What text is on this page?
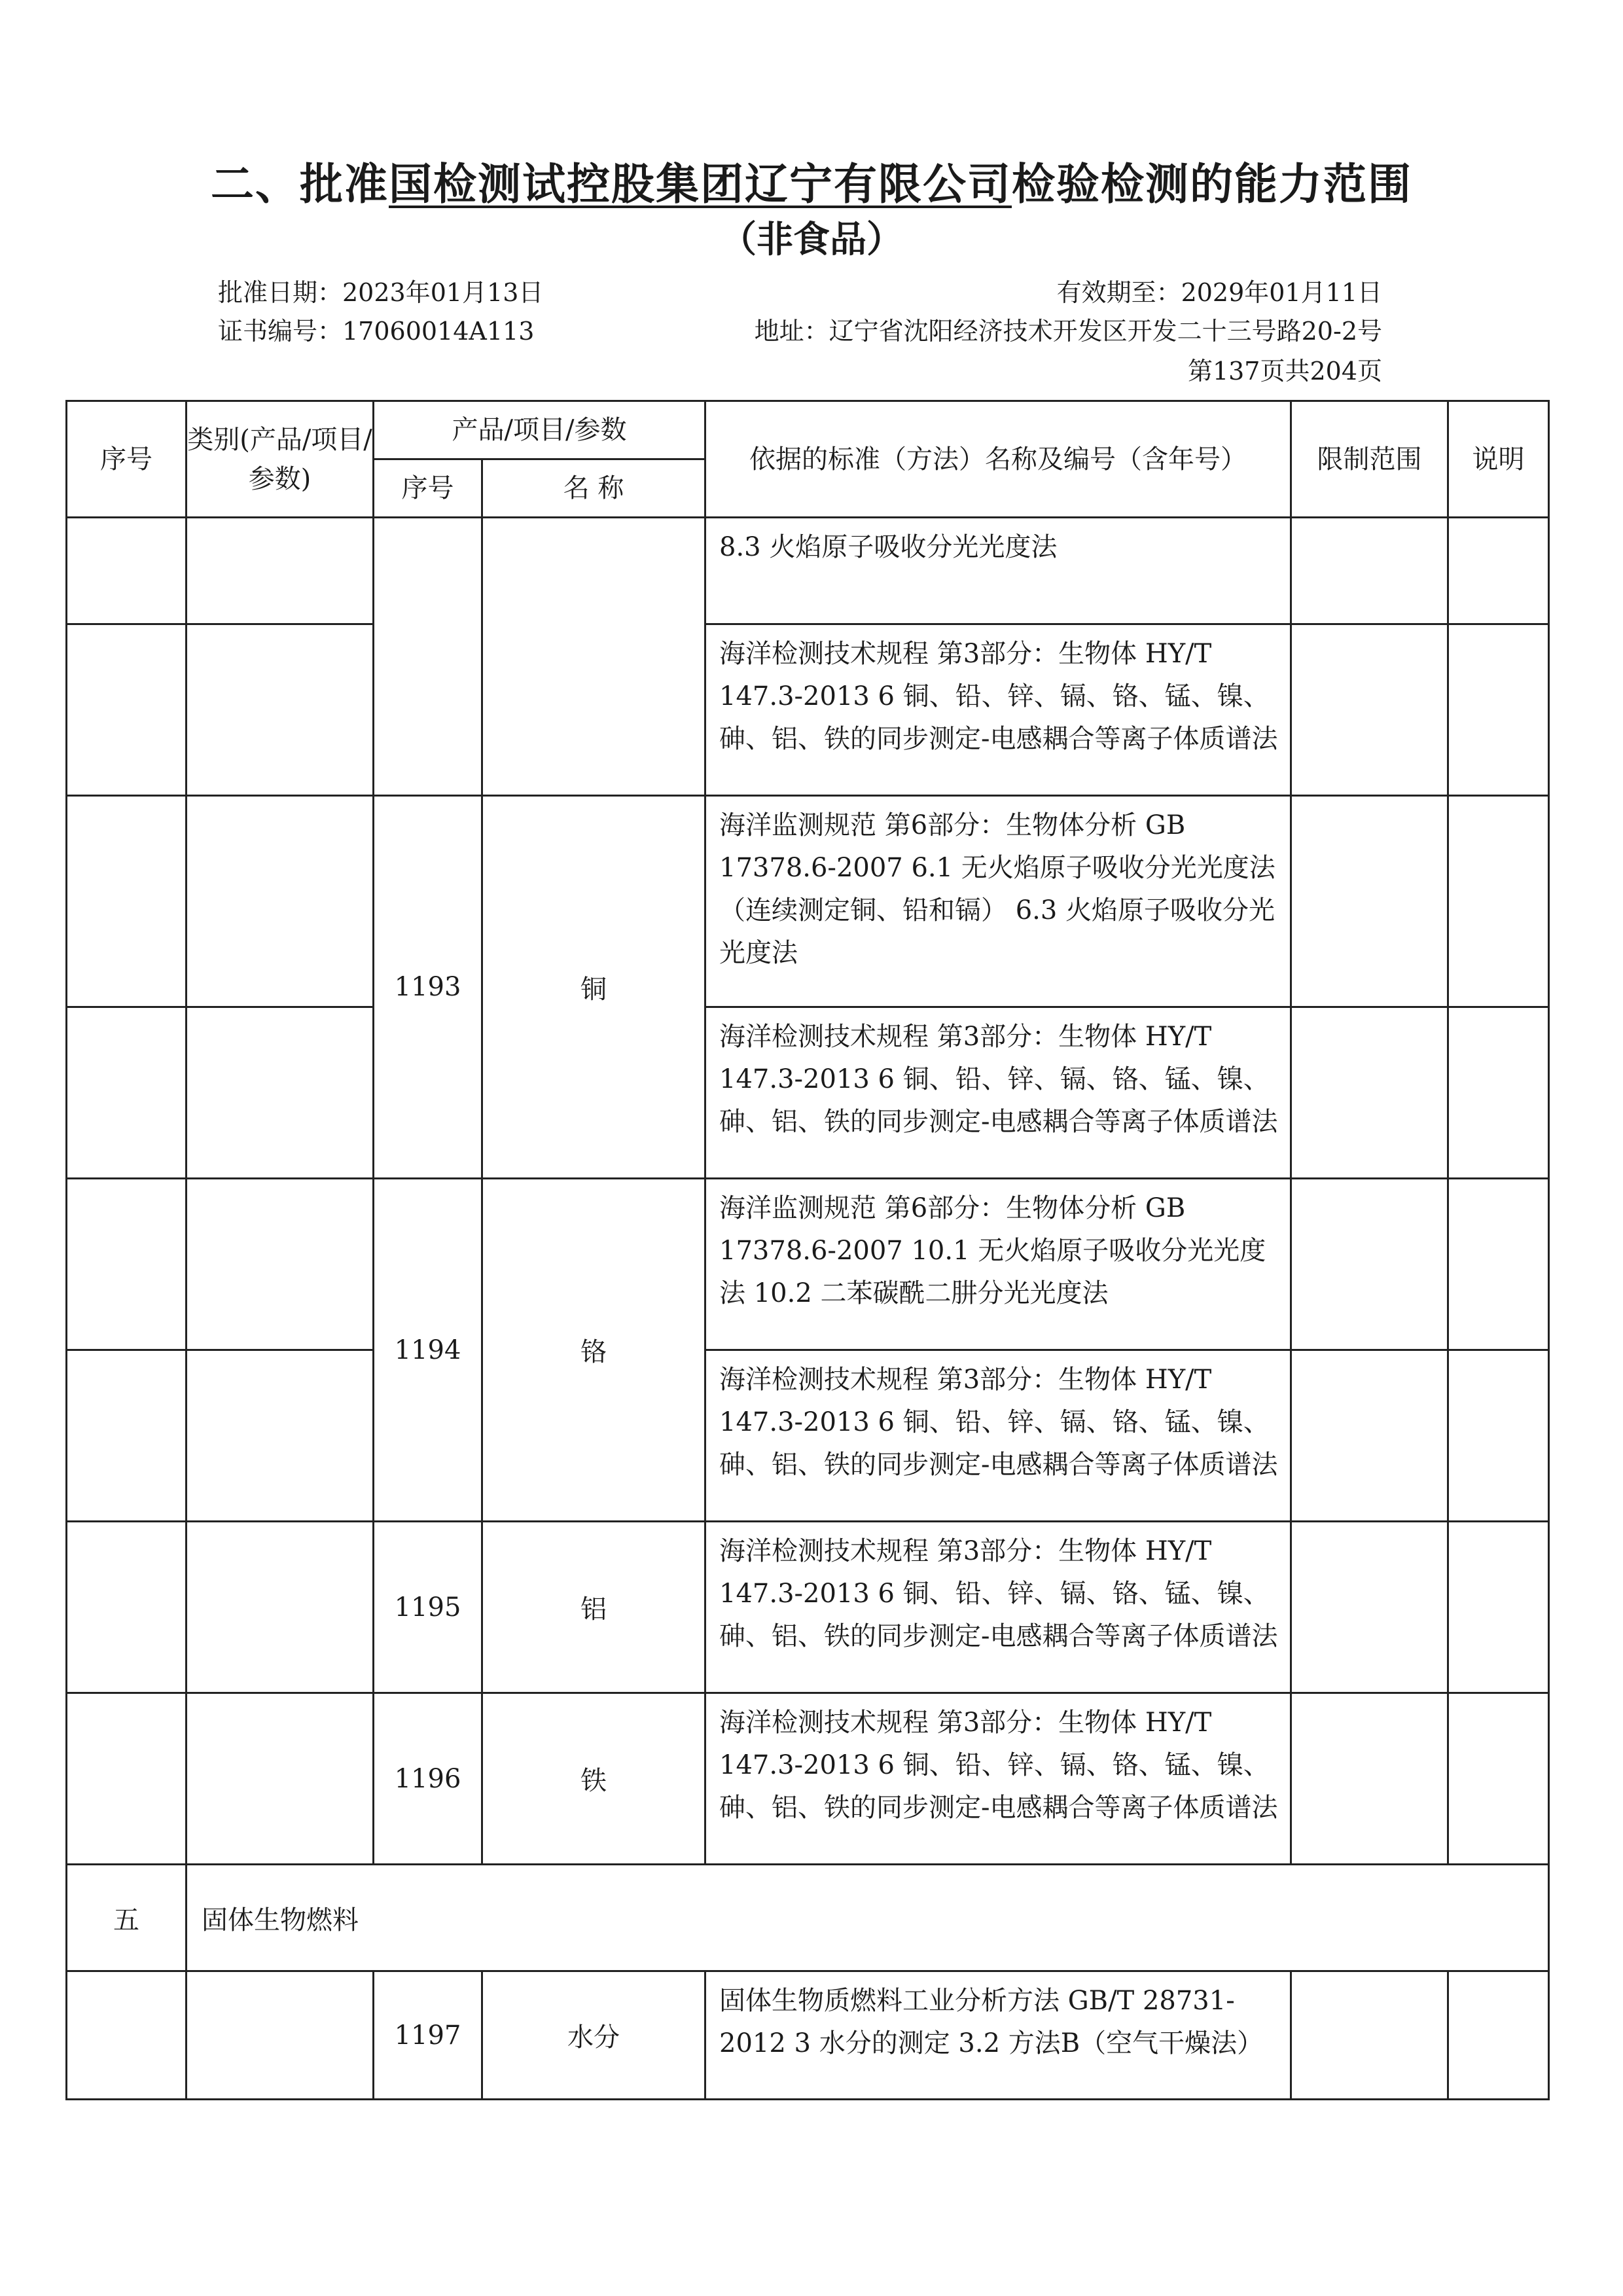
二、批准国检测试控股集团辽宁有限公司检验检测的能力范围
（非食品）
批准日期：2023年01月13日	有效期至：2029年01月11日
证书编号：17060014A113	地址：辽宁省沈阳经济技术开发区开发二十三号路20-2号
第137页共204页
序号	类别(产品/项目/参数)	产品/项目/参数		依据的标准（方法）名称及编号（含年号）	限制范围	说明
		序号	名 称			
				8.3 火焰原子吸收分光光度法		
				海洋检测技术规程 第3部分：生物体 HY/T 147.3-2013 6 铜、铅、锌、镉、铬、锰、镍、砷、铝、铁的同步测定-电感耦合等离子体质谱法		
		1193	铜	海洋监测规范 第6部分：生物体分析 GB 17378.6-2007 6.1 无火焰原子吸收分光光度法（连续测定铜、铅和镉） 6.3 火焰原子吸收分光光度法		
				海洋检测技术规程 第3部分：生物体 HY/T 147.3-2013 6 铜、铅、锌、镉、铬、锰、镍、砷、铝、铁的同步测定-电感耦合等离子体质谱法		
		1194	铬	海洋监测规范 第6部分：生物体分析 GB 17378.6-2007 10.1 无火焰原子吸收分光光度法 10.2 二苯碳酰二肼分光光度法		
				海洋检测技术规程 第3部分：生物体 HY/T 147.3-2013 6 铜、铅、锌、镉、铬、锰、镍、砷、铝、铁的同步测定-电感耦合等离子体质谱法		
		1195	铝	海洋检测技术规程 第3部分：生物体 HY/T 147.3-2013 6 铜、铅、锌、镉、铬、锰、镍、砷、铝、铁的同步测定-电感耦合等离子体质谱法		
		1196	铁	海洋检测技术规程 第3部分：生物体 HY/T 147.3-2013 6 铜、铅、锌、镉、铬、锰、镍、砷、铝、铁的同步测定-电感耦合等离子体质谱法		
五	固体生物燃料					
		1197	水分	固体生物质燃料工业分析方法 GB/T 28731-2012 3 水分的测定 3.2 方法B（空气干燥法）		
